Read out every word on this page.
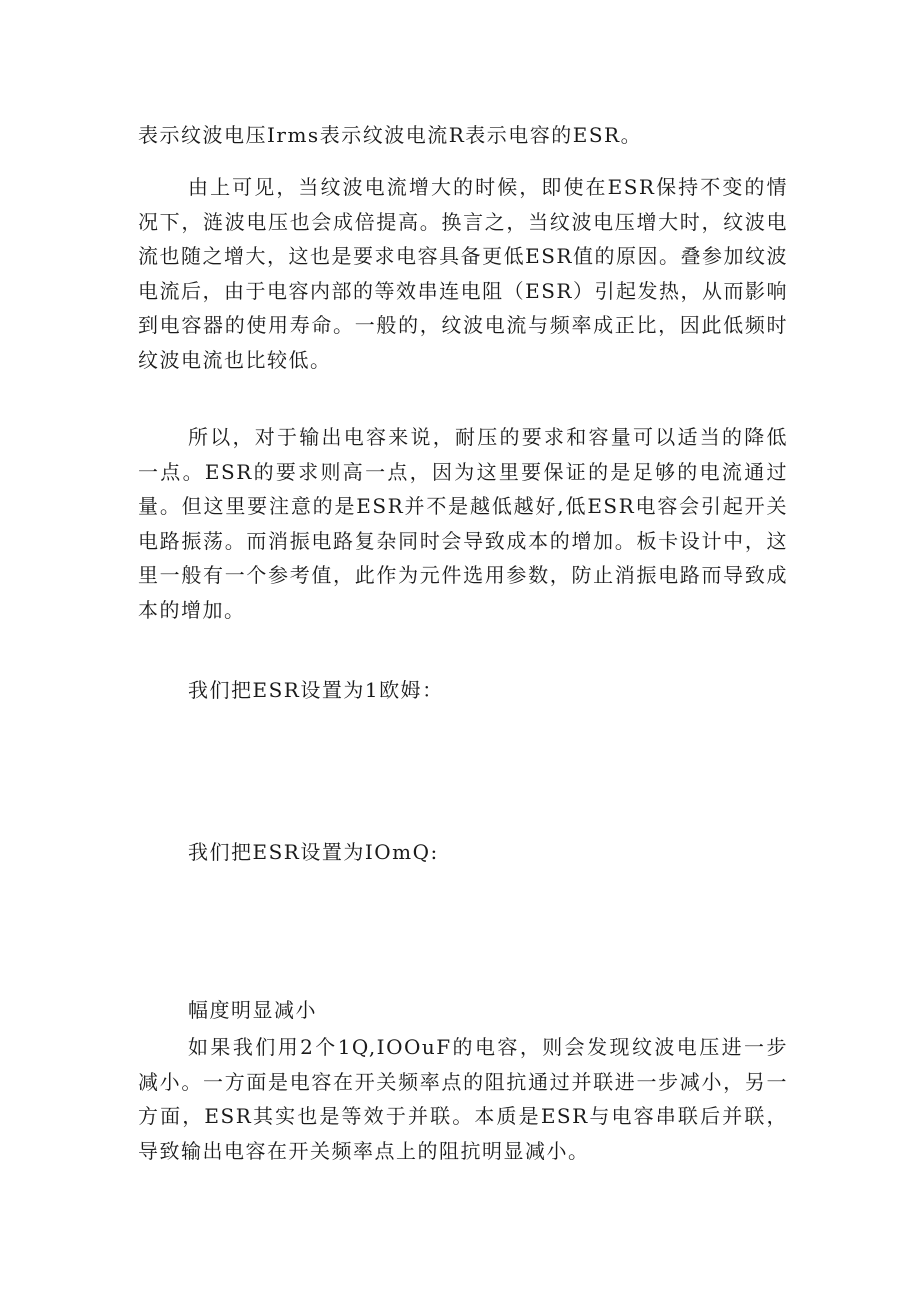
表示纹波电压Irms表示纹波电流R表示电容的ESR。

由上可见，当纹波电流增大的时候，即使在ESR保持不变的情况下，涟波电压也会成倍提高。换言之，当纹波电压增大时，纹波电流也随之增大，这也是要求电容具备更低ESR值的原因。叠参加纹波电流后，由于电容内部的等效串连电阻（ESR）引起发热，从而影响到电容器的使用寿命。一般的，纹波电流与频率成正比，因此低频时纹波电流也比较低。

所以，对于输出电容来说，耐压的要求和容量可以适当的降低一点。ESR的要求则高一点，因为这里要保证的是足够的电流通过量。但这里要注意的是ESR并不是越低越好,低ESR电容会引起开关电路振荡。而消振电路复杂同时会导致成本的增加。板卡设计中，这里一般有一个参考值，此作为元件选用参数，防止消振电路而导致成本的增加。

我们把ESR设置为1欧姆：

我们把ESR设置为IOmQ:

幅度明显减小

如果我们用2个1Q,IOOuF的电容，则会发现纹波电压进一步减小。一方面是电容在开关频率点的阻抗通过并联进一步减小，另一方面，ESR其实也是等效于并联。本质是ESR与电容串联后并联，导致输出电容在开关频率点上的阻抗明显减小。
